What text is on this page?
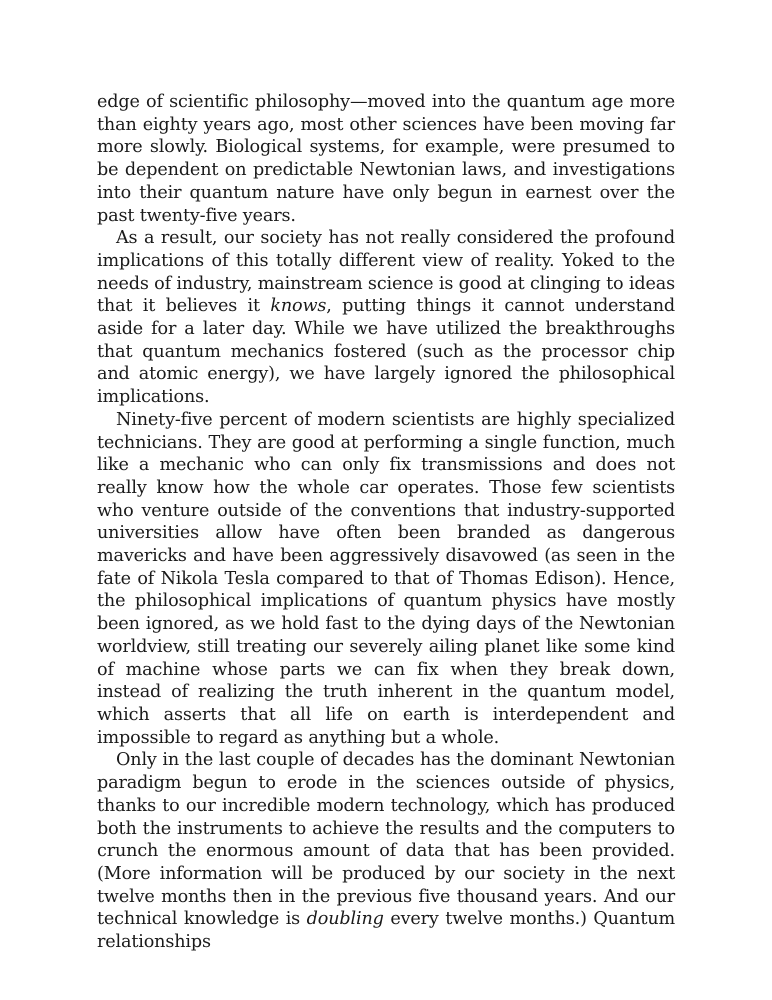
edge of scientific philosophy—moved into the quantum age more than eighty years ago, most other sciences have been moving far more slowly. Biological systems, for example, were presumed to be dependent on predictable Newtonian laws, and investigations into their quantum nature have only begun in earnest over the past twenty-five years.

As a result, our society has not really considered the profound implications of this totally different view of reality. Yoked to the needs of industry, mainstream science is good at clinging to ideas that it believes it knows, putting things it cannot understand aside for a later day. While we have utilized the breakthroughs that quantum mechanics fostered (such as the processor chip and atomic energy), we have largely ignored the philosophical implications.

Ninety-five percent of modern scientists are highly specialized technicians. They are good at performing a single function, much like a mechanic who can only fix transmissions and does not really know how the whole car operates. Those few scientists who venture outside of the conventions that industry-supported universities allow have often been branded as dangerous mavericks and have been aggressively disavowed (as seen in the fate of Nikola Tesla compared to that of Thomas Edison). Hence, the philosophical implications of quantum physics have mostly been ignored, as we hold fast to the dying days of the Newtonian worldview, still treating our severely ailing planet like some kind of machine whose parts we can fix when they break down, instead of realizing the truth inherent in the quantum model, which asserts that all life on earth is interdependent and impossible to regard as anything but a whole.

Only in the last couple of decades has the dominant Newtonian paradigm begun to erode in the sciences outside of physics, thanks to our incredible modern technology, which has produced both the instruments to achieve the results and the computers to crunch the enormous amount of data that has been provided. (More information will be produced by our society in the next twelve months then in the previous five thousand years. And our technical knowledge is doubling every twelve months.) Quantum relationships
